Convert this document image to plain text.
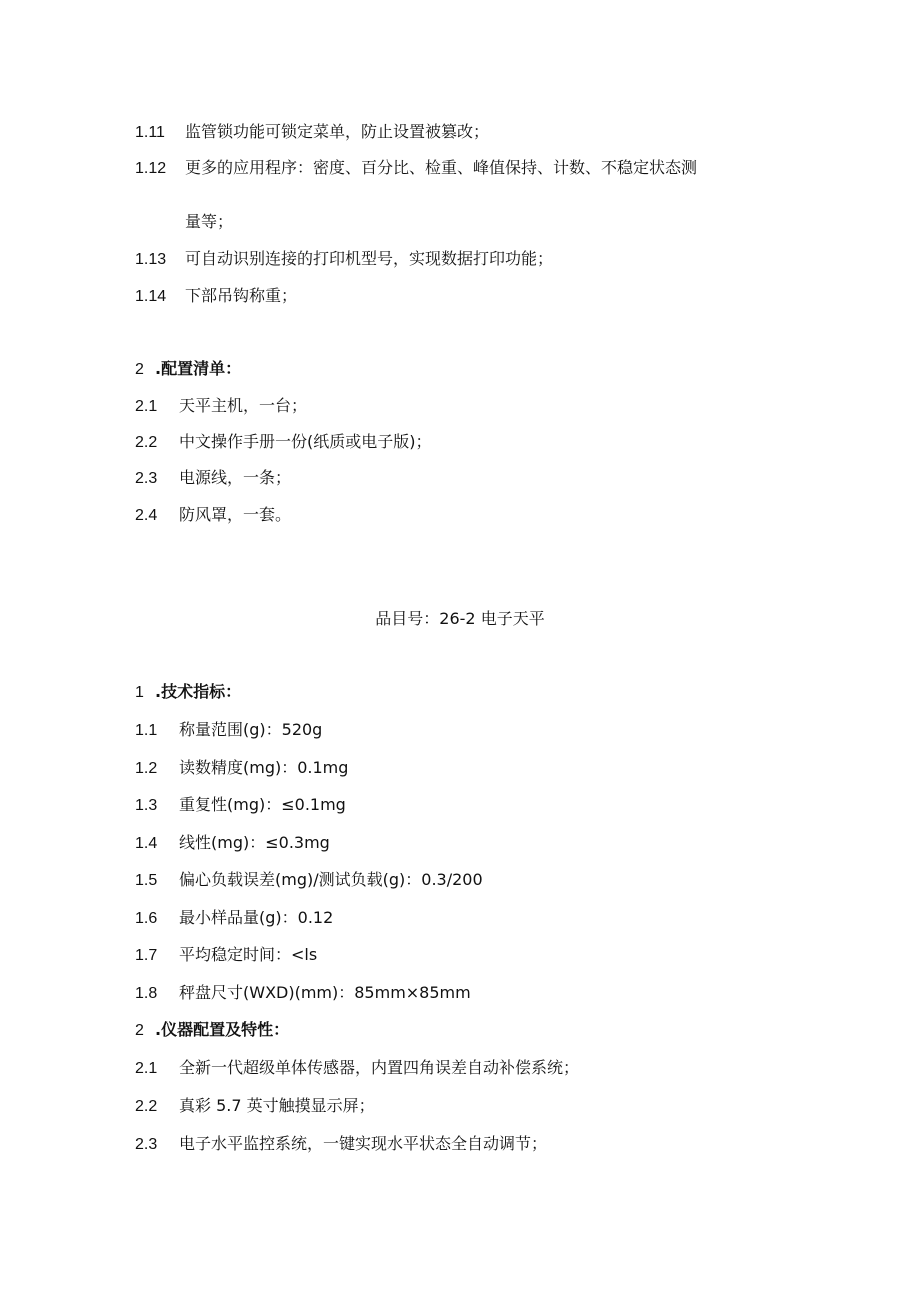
1.11 监管锁功能可锁定菜单，防止设置被篡改；
1.12 更多的应用程序：密度、百分比、检重、峰值保持、计数、不稳定状态测
量等；
1.13 可自动识别连接的打印机型号，实现数据打印功能；
1.14 下部吊钩称重；
2 .配置清单：
2.1 天平主机，一台；
2.2 中文操作手册一份(纸质或电子版)；
2.3 电源线，一条；
2.4 防风罩，一套。
品目号：26-2 电子天平
1 .技术指标：
1.1 称量范围(g)：520g
1.2 读数精度(mg)：0.1mg
1.3 重复性(mg)：≤0.1mg
1.4 线性(mg)：≤0.3mg
1.5 偏心负载误差(mg)/测试负载(g)：0.3/200
1.6 最小样品量(g)：0.12
1.7 平均稳定时间：<ls
1.8 秤盘尺寸(WXD)(mm)：85mm×85mm
2 .仪器配置及特性：
2.1 全新一代超级单体传感器，内置四角误差自动补偿系统；
2.2 真彩 5.7 英寸触摸显示屏；
2.3 电子水平监控系统，一键实现水平状态全自动调节；
